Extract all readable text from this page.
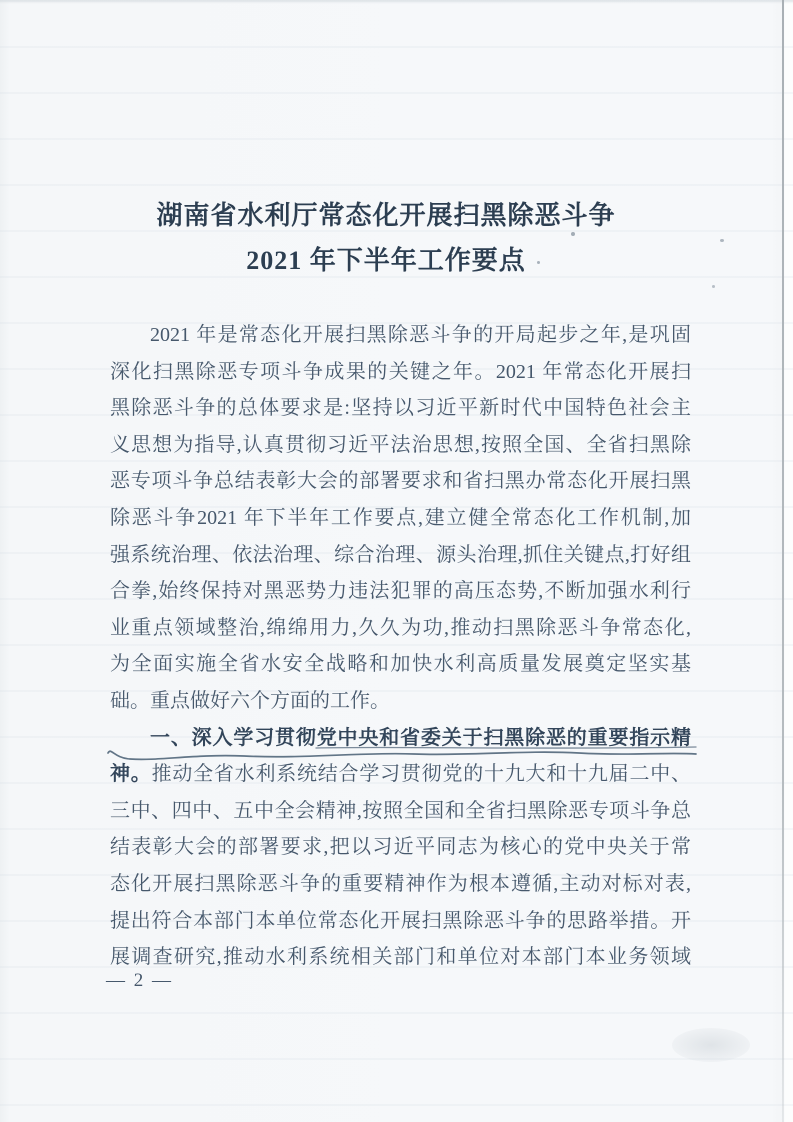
湖南省水利厅常态化开展扫黑除恶斗争
2021 年下半年工作要点
2021 年是常态化开展扫黑除恶斗争的开局起步之年,是巩固
深化扫黑除恶专项斗争成果的关键之年。2021 年常态化开展扫
黑除恶斗争的总体要求是:坚持以习近平新时代中国特色社会主
义思想为指导,认真贯彻习近平法治思想,按照全国、全省扫黑除
恶专项斗争总结表彰大会的部署要求和省扫黑办常态化开展扫黑
除恶斗争2021 年下半年工作要点,建立健全常态化工作机制,加
强系统治理、依法治理、综合治理、源头治理,抓住关键点,打好组
合拳,始终保持对黑恶势力违法犯罪的高压态势,不断加强水利行
业重点领域整治,绵绵用力,久久为功,推动扫黑除恶斗争常态化,
为全面实施全省水安全战略和加快水利高质量发展奠定坚实基
础。重点做好六个方面的工作。
一、深入学习贯彻党中央和省委关于扫黑除恶的重要指示精
神。推动全省水利系统结合学习贯彻党的十九大和十九届二中、
三中、四中、五中全会精神,按照全国和全省扫黑除恶专项斗争总
结表彰大会的部署要求,把以习近平同志为核心的党中央关于常
态化开展扫黑除恶斗争的重要精神作为根本遵循,主动对标对表,
提出符合本部门本单位常态化开展扫黑除恶斗争的思路举措。开
展调查研究,推动水利系统相关部门和单位对本部门本业务领域
— 2 —
